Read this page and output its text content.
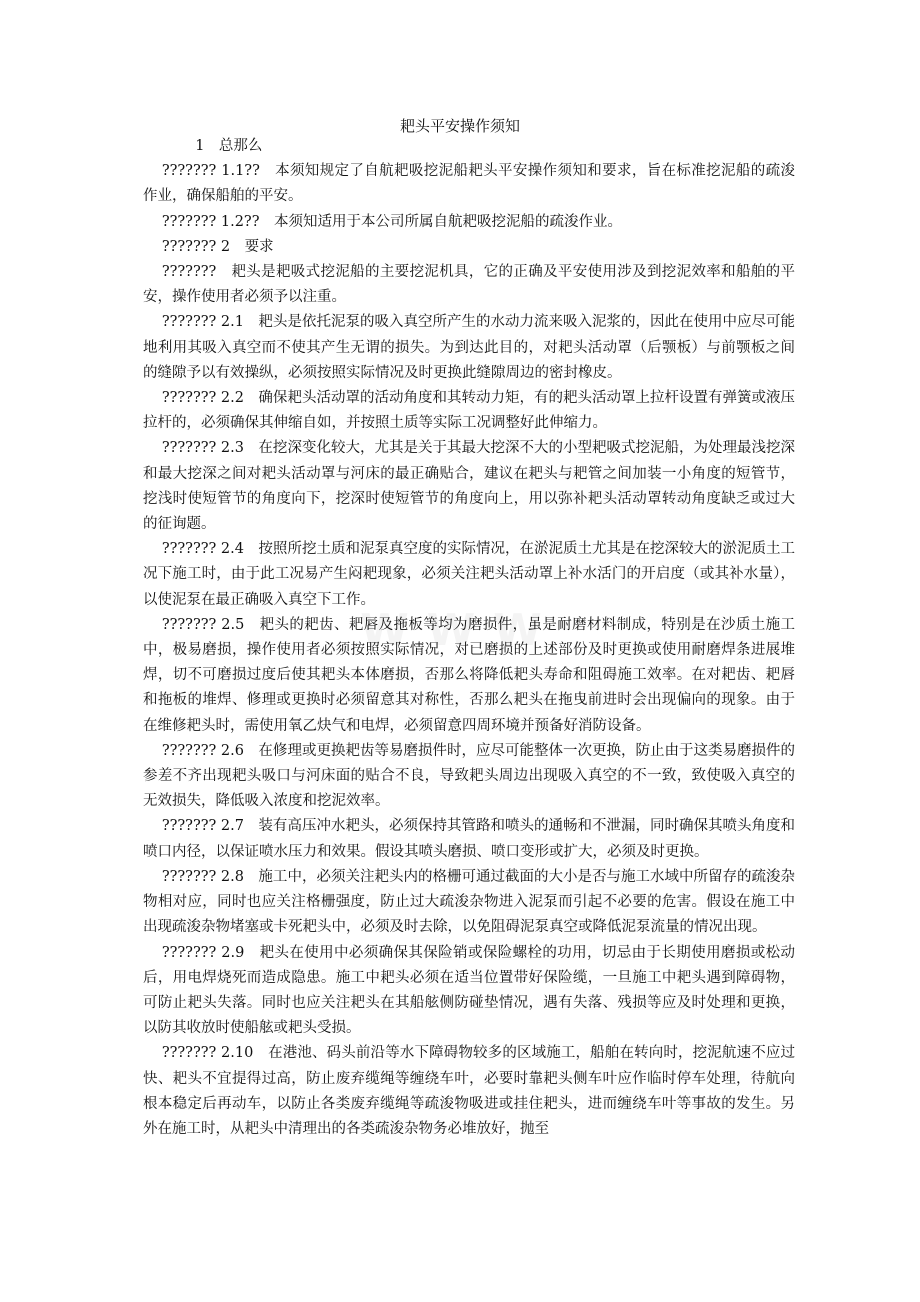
耙头平安操作须知

1　总那么

??????? 1.1??　本须知规定了自航耙吸挖泥船耙头平安操作须知和要求，旨在标准挖泥船的疏浚作业，确保船舶的平安。

??????? 1.2??　本须知适用于本公司所属自航耙吸挖泥船的疏浚作业。

??????? 2　要求

???????　耙头是耙吸式挖泥船的主要挖泥机具，它的正确及平安使用涉及到挖泥效率和船舶的平安，操作使用者必须予以注重。

??????? 2.1　耙头是依托泥泵的吸入真空所产生的水动力流来吸入泥浆的，因此在使用中应尽可能地利用其吸入真空而不使其产生无谓的损失。为到达此目的，对耙头活动罩（后颚板）与前颚板之间的缝隙予以有效操纵，必须按照实际情况及时更换此缝隙周边的密封橡皮。

??????? 2.2　确保耙头活动罩的活动角度和其转动力矩，有的耙头活动罩上拉杆设置有弹簧或液压拉杆的，必须确保其伸缩自如，并按照土质等实际工况调整好此伸缩力。

??????? 2.3　在挖深变化较大，尤其是关于其最大挖深不大的小型耙吸式挖泥船，为处理最浅挖深和最大挖深之间对耙头活动罩与河床的最正确贴合，建议在耙头与耙管之间加装一小角度的短管节，挖浅时使短管节的角度向下，挖深时使短管节的角度向上，用以弥补耙头活动罩转动角度缺乏或过大的征询题。

??????? 2.4　按照所挖土质和泥泵真空度的实际情况，在淤泥质土尤其是在挖深较大的淤泥质土工况下施工时，由于此工况易产生闷耙现象，必须关注耙头活动罩上补水活门的开启度（或其补水量），以使泥泵在最正确吸入真空下工作。

??????? 2.5　耙头的耙齿、耙唇及拖板等均为磨损件，虽是耐磨材料制成，特别是在沙质土施工中，极易磨损，操作使用者必须按照实际情况，对已磨损的上述部份及时更换或使用耐磨焊条进展堆焊，切不可磨损过度后使其耙头本体磨损，否那么将降低耙头寿命和阻碍施工效率。在对耙齿、耙唇和拖板的堆焊、修理或更换时必须留意其对称性，否那么耙头在拖曳前进时会出现偏向的现象。由于在维修耙头时，需使用氧乙炔气和电焊，必须留意四周环境并预备好消防设备。

??????? 2.6　在修理或更换耙齿等易磨损件时，应尽可能整体一次更换，防止由于这类易磨损件的参差不齐出现耙头吸口与河床面的贴合不良，导致耙头周边出现吸入真空的不一致，致使吸入真空的无效损失，降低吸入浓度和挖泥效率。

??????? 2.7　装有高压冲水耙头，必须保持其管路和喷头的通畅和不泄漏，同时确保其喷头角度和喷口内径，以保证喷水压力和效果。假设其喷头磨损、喷口变形或扩大，必须及时更换。

??????? 2.8　施工中，必须关注耙头内的格栅可通过截面的大小是否与施工水域中所留存的疏浚杂物相对应，同时也应关注格栅强度，防止过大疏浚杂物进入泥泵而引起不必要的危害。假设在施工中出现疏浚杂物堵塞或卡死耙头中，必须及时去除，以免阻碍泥泵真空或降低泥泵流量的情况出现。

??????? 2.9　耙头在使用中必须确保其保险销或保险螺栓的功用，切忌由于长期使用磨损或松动后，用电焊烧死而造成隐患。施工中耙头必须在适当位置带好保险缆，一旦施工中耙头遇到障碍物，可防止耙头失落。同时也应关注耙头在其船舷侧防碰垫情况，遇有失落、残损等应及时处理和更换，以防其收放时使船舷或耙头受损。

??????? 2.10　在港池、码头前沿等水下障碍物较多的区域施工，船舶在转向时，挖泥航速不应过快、耙头不宜提得过高，防止废弃缆绳等缠绕车叶，必要时靠耙头侧车叶应作临时停车处理，待航向根本稳定后再动车，以防止各类废弃缆绳等疏浚物吸进或挂住耙头，进而缠绕车叶等事故的发生。另外在施工时，从耙头中清理出的各类疏浚杂物务必堆放好，抛至
